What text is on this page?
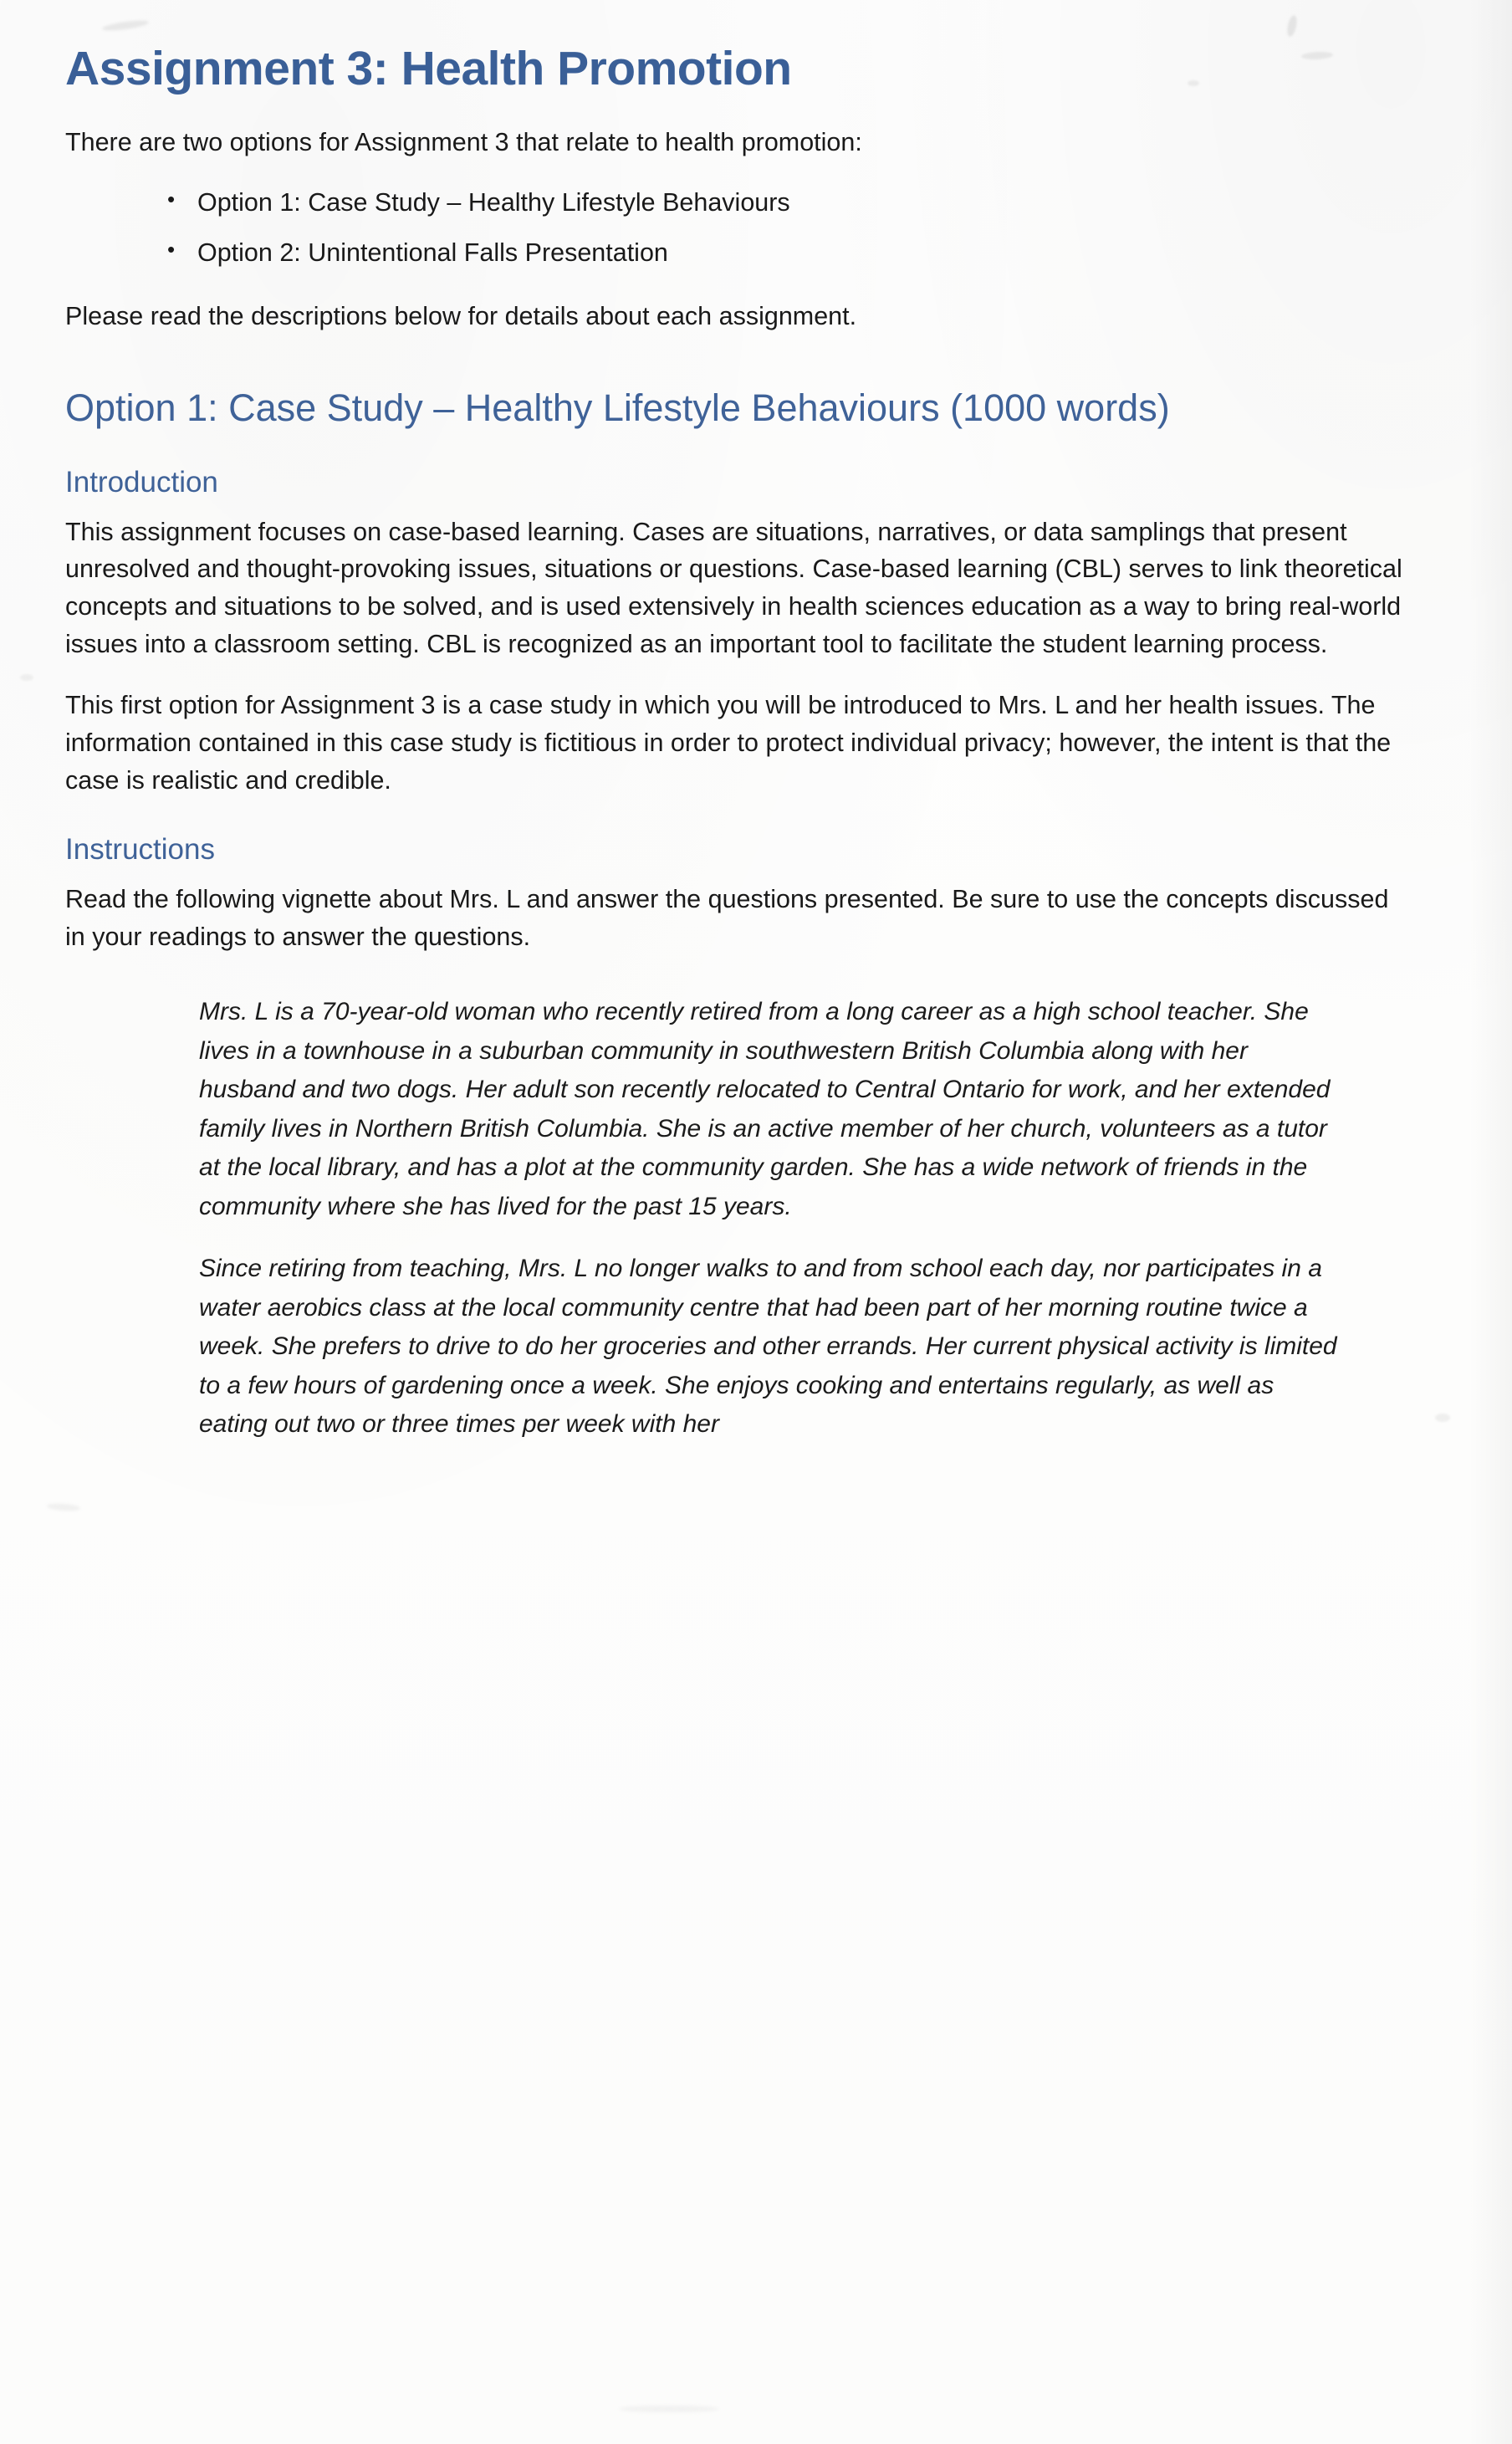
Assignment 3: Health Promotion

There are two options for Assignment 3 that relate to health promotion:

• Option 1: Case Study – Healthy Lifestyle Behaviours
• Option 2: Unintentional Falls Presentation

Please read the descriptions below for details about each assignment.

Option 1: Case Study – Healthy Lifestyle Behaviours (1000 words)
Introduction

This assignment focuses on case-based learning. Cases are situations, narratives, or data samplings that present unresolved and thought-provoking issues, situations or questions. Case-based learning (CBL) serves to link theoretical concepts and situations to be solved, and is used extensively in health sciences education as a way to bring real-world issues into a classroom setting. CBL is recognized as an important tool to facilitate the student learning process.

This first option for Assignment 3 is a case study in which you will be introduced to Mrs. L and her health issues. The information contained in this case study is fictitious in order to protect individual privacy; however, the intent is that the case is realistic and credible.

Instructions

Read the following vignette about Mrs. L and answer the questions presented. Be sure to use the concepts discussed in your readings to answer the questions.

Mrs. L is a 70-year-old woman who recently retired from a long career as a high school teacher. She lives in a townhouse in a suburban community in southwestern British Columbia along with her husband and two dogs. Her adult son recently relocated to Central Ontario for work, and her extended family lives in Northern British Columbia. She is an active member of her church, volunteers as a tutor at the local library, and has a plot at the community garden. She has a wide network of friends in the community where she has lived for the past 15 years.

Since retiring from teaching, Mrs. L no longer walks to and from school each day, nor participates in a water aerobics class at the local community centre that had been part of her morning routine twice a week. She prefers to drive to do her groceries and other errands. Her current physical activity is limited to a few hours of gardening once a week. She enjoys cooking and entertains regularly, as well as eating out two or three times per week with her
